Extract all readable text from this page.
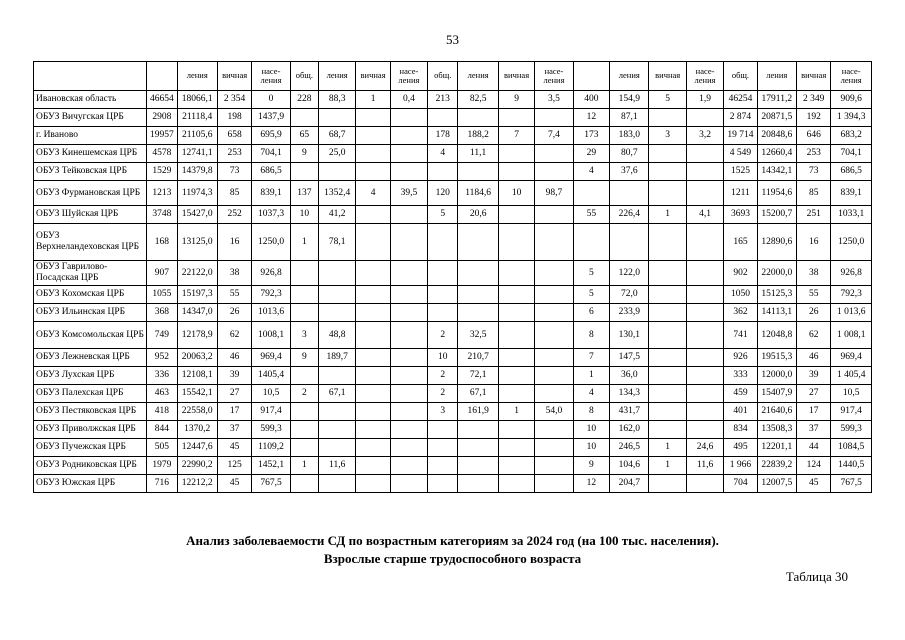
53
		ления	вичная	насе-ления	общ.	ления	вичная	насе-ления	общ.	ления	вичная	насе-ления		ления	вичная	насе-ления	общ.	ления	вичная	насе-ления
Ивановская область	46654	18066,1	2 354	0	228	88,3	1	0,4	213	82,5	9	3,5	400	154,9	5	1,9	46254	17911,2	2 349	909,6
ОБУЗ Вичугская ЦРБ	2908	21118,4	198	1437,9									12	87,1			2 874	20871,5	192	1 394,3
г. Иваново	19957	21105,6	658	695,9	65	68,7			178	188,2	7	7,4	173	183,0	3	3,2	19 714	20848,6	646	683,2
ОБУЗ Кинешемская ЦРБ	4578	12741,1	253	704,1	9	25,0			4	11,1			29	80,7			4 549	12660,4	253	704,1
ОБУЗ Тейковская ЦРБ	1529	14379,8	73	686,5									4	37,6			1525	14342,1	73	686,5
ОБУЗ Фурмановская ЦРБ	1213	11974,3	85	839,1	137	1352,4	4	39,5	120	1184,6	10	98,7					1211	11954,6	85	839,1
ОБУЗ Шуйская ЦРБ	3748	15427,0	252	1037,3	10	41,2			5	20,6			55	226,4	1	4,1	3693	15200,7	251	1033,1
ОБУЗ Верхнеландеховская ЦРБ	168	13125,0	16	1250,0	1	78,1											165	12890,6	16	1250,0
ОБУЗ Гаврилово-Посадская ЦРБ	907	22122,0	38	926,8									5	122,0			902	22000,0	38	926,8
ОБУЗ Кохомская ЦРБ	1055	15197,3	55	792,3									5	72,0			1050	15125,3	55	792,3
ОБУЗ Ильинская ЦРБ	368	14347,0	26	1013,6									6	233,9			362	14113,1	26	1 013,6
ОБУЗ Комсомольская ЦРБ	749	12178,9	62	1008,1	3	48,8			2	32,5			8	130,1			741	12048,8	62	1 008,1
ОБУЗ Лежневская ЦРБ	952	20063,2	46	969,4	9	189,7			10	210,7			7	147,5			926	19515,3	46	969,4
ОБУЗ Лухская ЦРБ	336	12108,1	39	1405,4					2	72,1			1	36,0			333	12000,0	39	1 405,4
ОБУЗ Палехская ЦРБ	463	15542,1	27	10,5	2	67,1			2	67,1			4	134,3			459	15407,9	27	10,5
ОБУЗ Пестяковская ЦРБ	418	22558,0	17	917,4					3	161,9	1	54,0	8	431,7			401	21640,6	17	917,4
ОБУЗ Приволжская ЦРБ	844	1370,2	37	599,3									10	162,0			834	13508,3	37	599,3
ОБУЗ Пучежская ЦРБ	505	12447,6	45	1109,2									10	246,5	1	24,6	495	12201,1	44	1084,5
ОБУЗ Родниковская ЦРБ	1979	22990,2	125	1452,1	1	11,6							9	104,6	1	11,6	1 966	22839,2	124	1440,5
ОБУЗ Южская ЦРБ	716	12212,2	45	767,5									12	204,7			704	12007,5	45	767,5
Анализ заболеваемости СД по возрастным категориям за 2024 год (на 100 тыс. населения).
Взрослые старше трудоспособного возраста
Таблица 30
